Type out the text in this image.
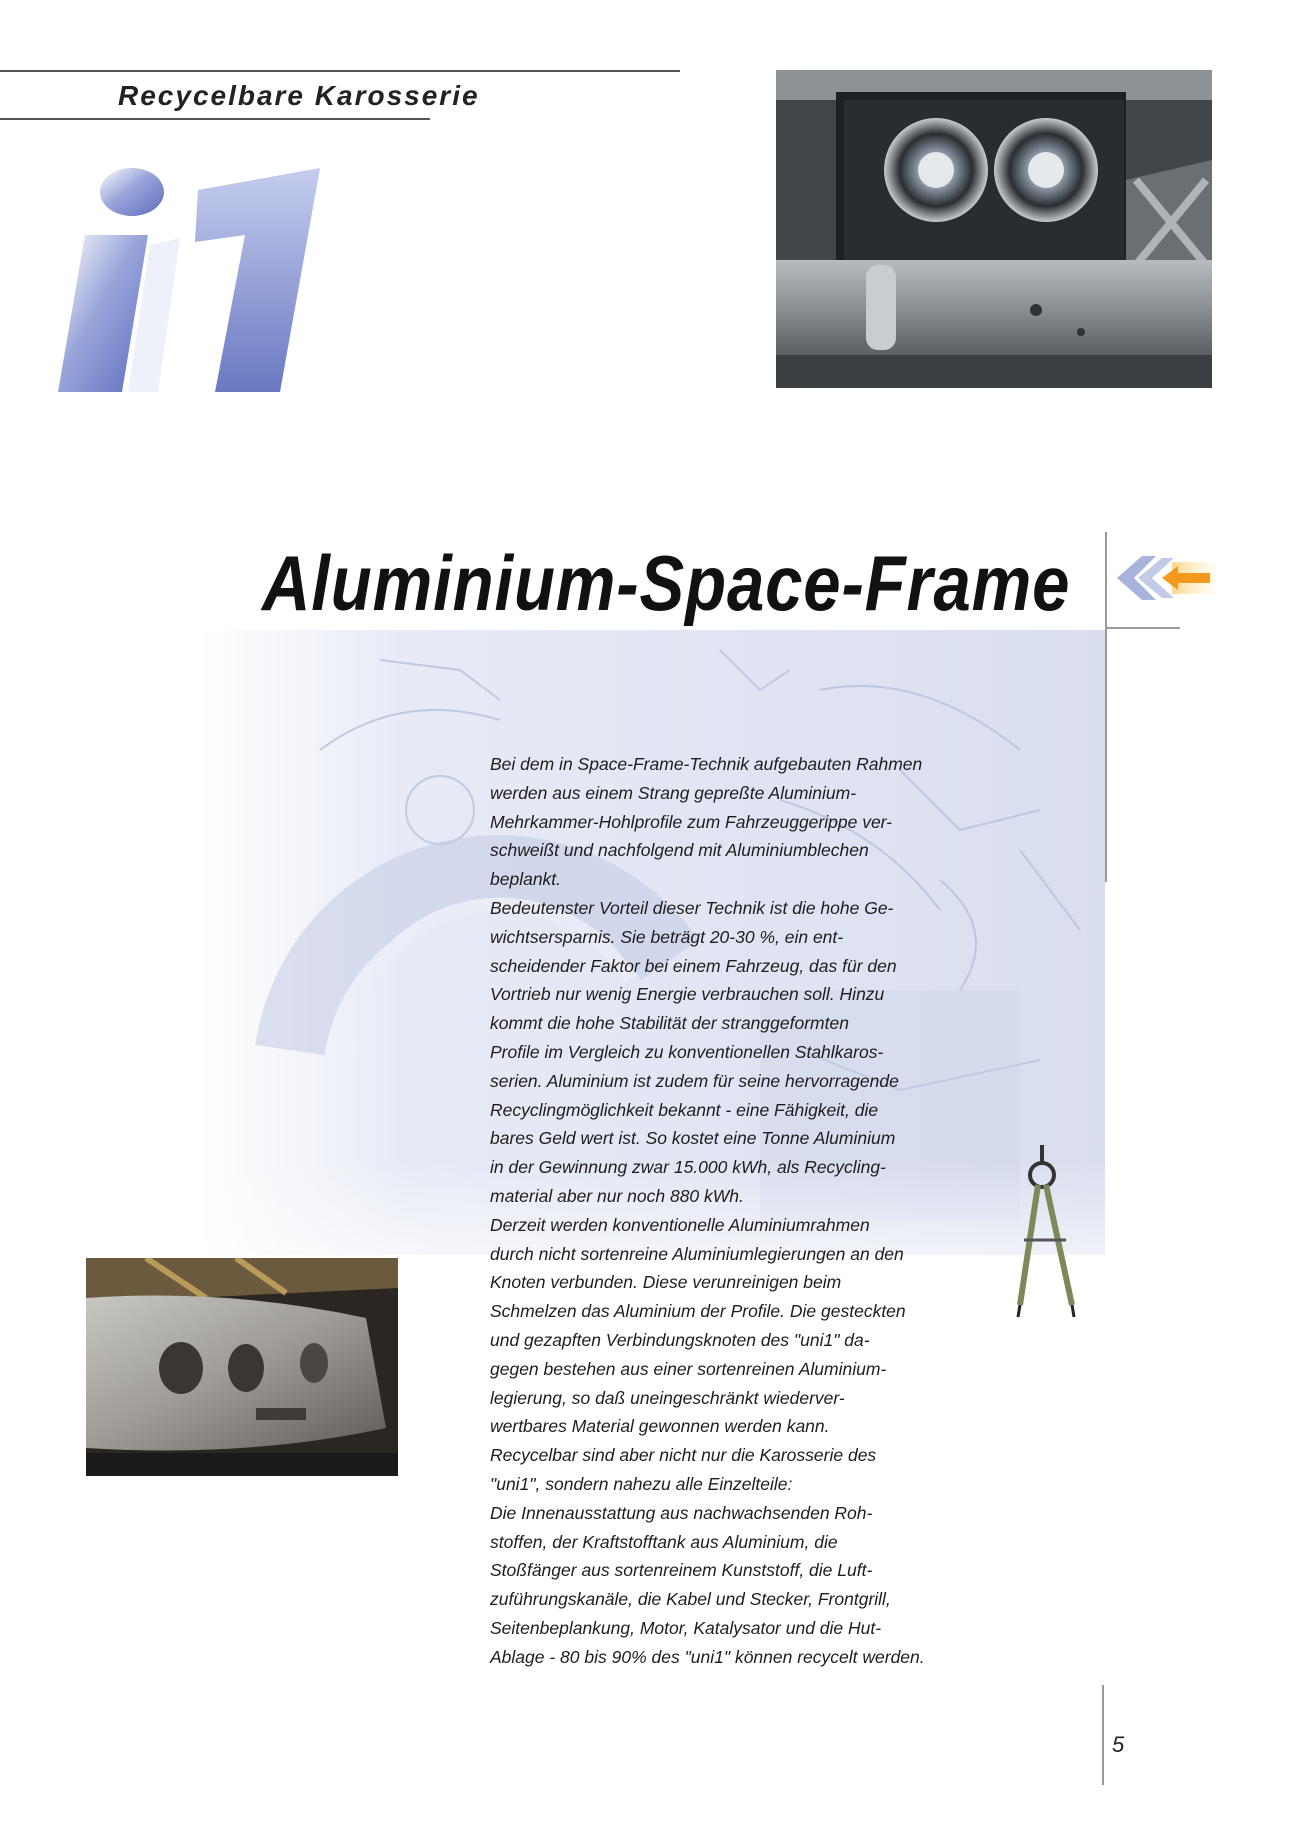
Recycelbare Karosserie
Aluminium-Space-Frame
Bei dem in Space-Frame-Technik aufgebauten Rahmen
werden aus einem Strang gepreßte Aluminium-
Mehrkammer-Hohlprofile zum Fahrzeuggerippe ver-
schweißt und nachfolgend mit Aluminiumblechen
beplankt.
Bedeutenster Vorteil dieser Technik ist die hohe Ge-
wichtsersparnis. Sie beträgt 20-30 %, ein ent-
scheidender Faktor bei einem Fahrzeug, das für den
Vortrieb nur wenig Energie verbrauchen soll. Hinzu
kommt die hohe Stabilität der stranggeformten
Profile im Vergleich zu konventionellen Stahlkaros-
serien. Aluminium ist zudem für seine hervorragende
Recyclingmöglichkeit bekannt - eine Fähigkeit, die
bares Geld wert ist. So kostet eine Tonne Aluminium
in der Gewinnung zwar 15.000 kWh, als Recycling-
material aber nur noch 880 kWh.
Derzeit werden konventionelle Aluminiumrahmen
durch nicht sortenreine Aluminiumlegierungen an den
Knoten verbunden. Diese verunreinigen beim
Schmelzen das Aluminium der Profile. Die gesteckten
und gezapften Verbindungsknoten des "uni1" da-
gegen bestehen aus einer sortenreinen Aluminium-
legierung, so daß uneingeschränkt wiederver-
wertbares Material gewonnen werden kann.
Recycelbar sind aber nicht nur die Karosserie des
"uni1", sondern nahezu alle Einzelteile:
Die Innenausstattung aus nachwachsenden Roh-
stoffen, der Kraftstofftank aus Aluminium, die
Stoßfänger aus sortenreinem Kunststoff, die Luft-
zuführungskanäle, die Kabel und Stecker, Frontgrill,
Seitenbeplankung, Motor, Katalysator und die Hut-
Ablage - 80 bis 90% des "uni1" können recycelt werden.
5
